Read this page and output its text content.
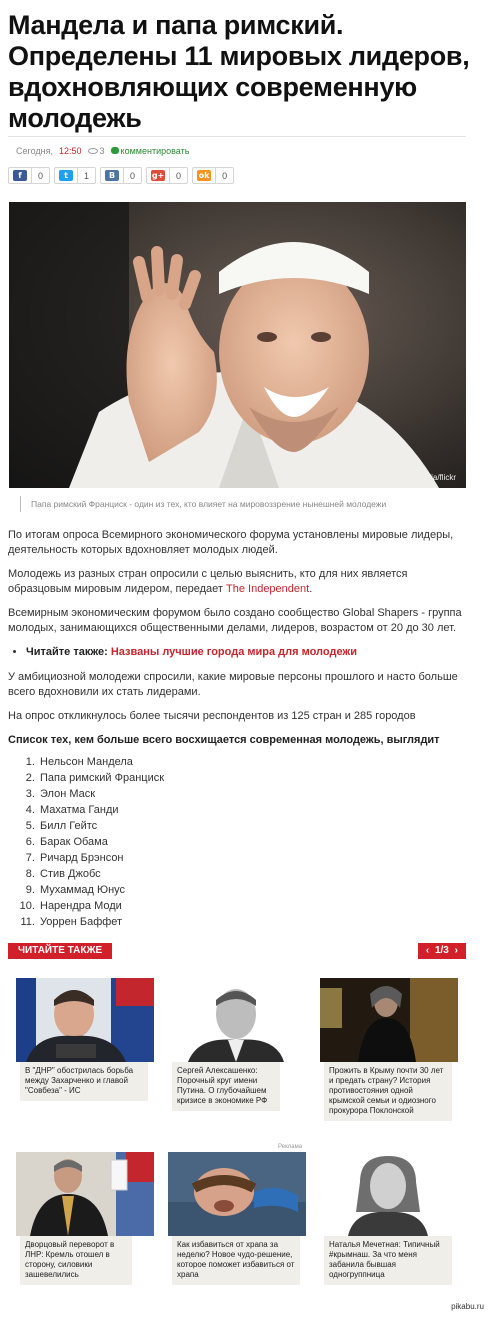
Мандела и папа римский. Определены 11 мировых лидеров, вдохновляющих современную молодежь
Сегодня, 12:50	3	комментировать
f	0	t	1	B	0	g+	0	ok	0
© Hello World Media/flickr
Папа римский Франциск - один из тех, кто влияет на мировоззрение нынешней молодежи

По итогам опроса Всемирного экономического форума установлены мировые лидеры, деятельность которых вдохновляет молодых людей.

Молодежь из разных стран опросили с целью выяснить, кто для них является образцовым мировым лидером, передает The Independent.

Всемирным экономическим форумом было создано сообщество Global Shapers - группа молодых, занимающихся общественными делами, лидеров, возрастом от 20 до 30 лет.

• Читайте также: Названы лучшие города мира для молодежи

У амбициозной молодежи спросили, какие мировые персоны прошлого и насто больше всего вдохновили их стать лидерами.

На опрос откликнулось более тысячи респондентов из 125 стран и 285 городов

Список тех, кем больше всего восхищается современная молодежь, выглядит
1. Нельсон Мандела
2. Папа римский Франциск
3. Элон Маск
4. Махатма Ганди
5. Билл Гейтс
6. Барак Обама
7. Ричард Брэнсон
8. Стив Джобс
9. Мухаммад Юнус
10. Нарендра Моди
11. Уоррен Баффет
ЧИТАЙТЕ ТАКЖЕ	‹ 1/3 ›
В "ДНР" обострилась борьба между Захарченко и главой "Совбеза" - ИС
Сергей Алексашенко: Порочный круг имени Путина. О глубочайшем кризисе в экономике РФ
Прожить в Крыму почти 30 лет и предать страну? История противостояния одной крымской семьи и одиозного прокурора Поклонской
Реклама
Дворцовый переворот в ЛНР: Кремль отошел в сторону, силовики зашевелились
Как избавиться от храпа за неделю? Новое чудо-решение, которое поможет избавиться от храпа
Наталья Мечетная: Типичный #крымнаш. За что меня забанила бывшая одногруппница
pikabu.ru
